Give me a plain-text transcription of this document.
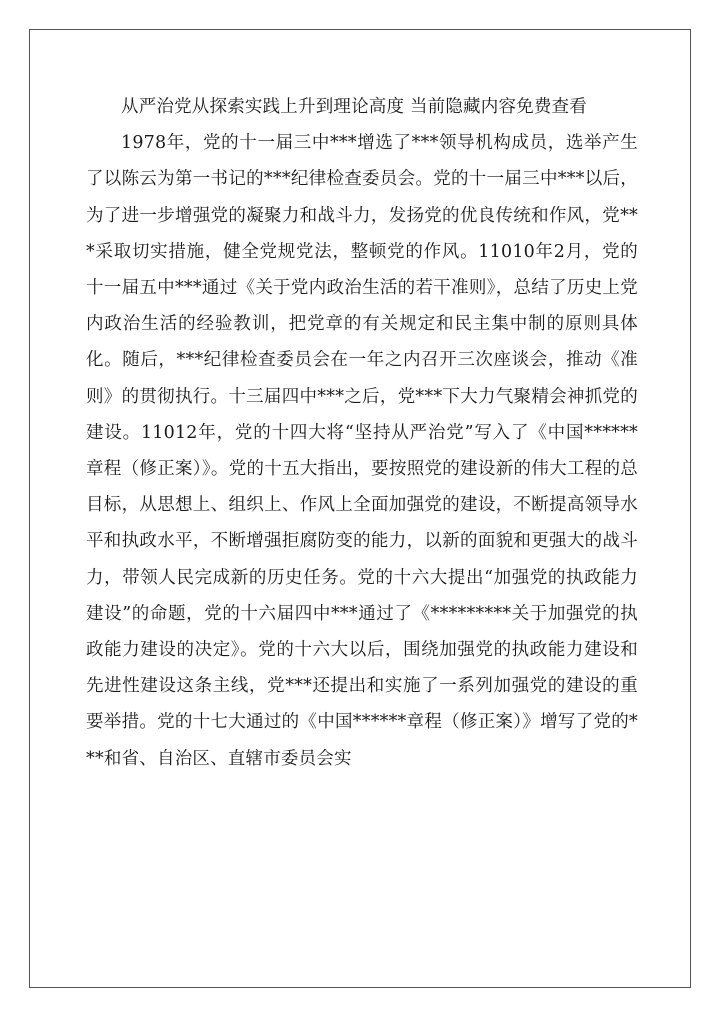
从严治党从探索实践上升到理论高度 当前隐藏内容免费查看

1978年，党的十一届三中***增选了***领导机构成员，选举产生了以陈云为第一书记的***纪律检查委员会。党的十一届三中***以后，为了进一步增强党的凝聚力和战斗力，发扬党的优良传统和作风，党***采取切实措施，健全党规党法，整顿党的作风。11010年2月，党的十一届五中***通过《关于党内政治生活的若干准则》，总结了历史上党内政治生活的经验教训，把党章的有关规定和民主集中制的原则具体化。随后，***纪律检查委员会在一年之内召开三次座谈会，推动《准则》的贯彻执行。十三届四中***之后，党***下大力气聚精会神抓党的建设。11012年，党的十四大将“坚持从严治党”写入了《中国******章程（修正案）》。党的十五大指出，要按照党的建设新的伟大工程的总目标，从思想上、组织上、作风上全面加强党的建设，不断提高领导水平和执政水平，不断增强拒腐防变的能力，以新的面貌和更强大的战斗力，带领人民完成新的历史任务。党的十六大提出“加强党的执政能力建设”的命题，党的十六届四中***通过了《*********关于加强党的执政能力建设的决定》。党的十六大以后，围绕加强党的执政能力建设和先进性建设这条主线，党***还提出和实施了一系列加强党的建设的重要举措。党的十七大通过的《中国******章程（修正案）》增写了党的***和省、自治区、直辖市委员会实
